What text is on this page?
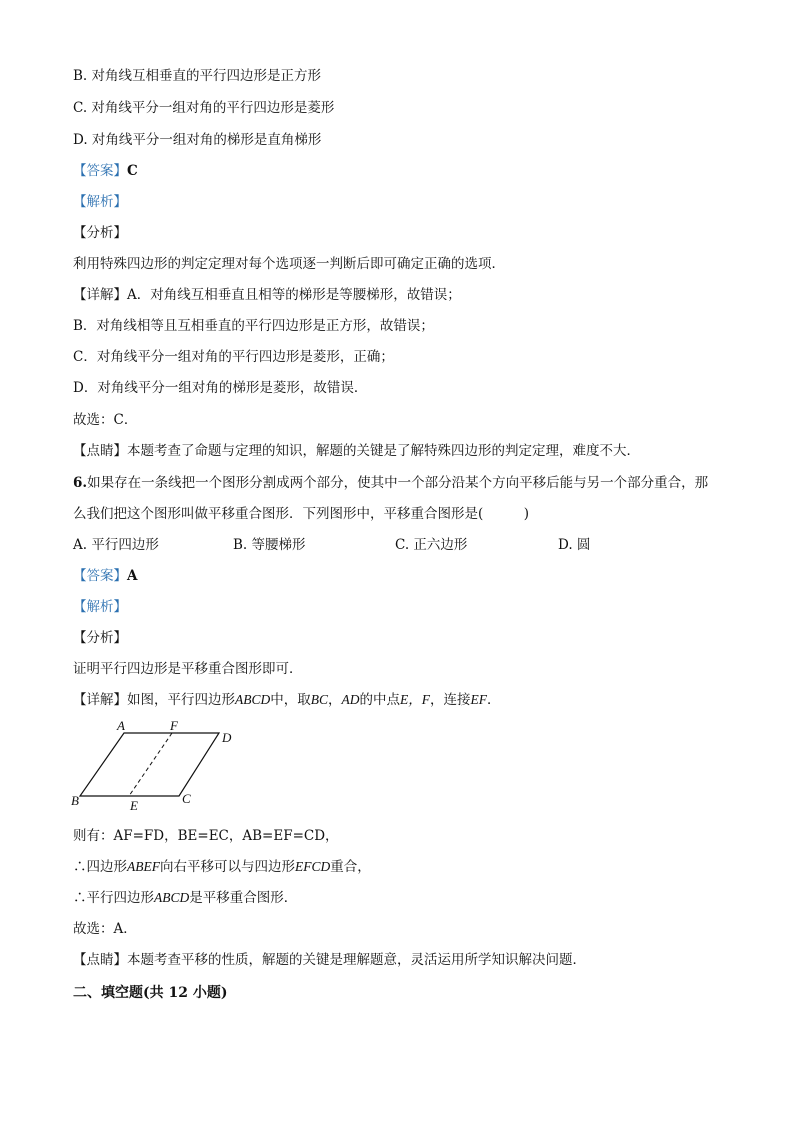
B. 对角线互相垂直的平行四边形是正方形
C. 对角线平分一组对角的平行四边形是菱形
D. 对角线平分一组对角的梯形是直角梯形
【答案】C
【解析】
【分析】
利用特殊四边形的判定定理对每个选项逐一判断后即可确定正确的选项．
【详解】A．对角线互相垂直且相等的梯形是等腰梯形，故错误；
B．对角线相等且互相垂直的平行四边形是正方形，故错误；
C．对角线平分一组对角的平行四边形是菱形，正确；
D．对角线平分一组对角的梯形是菱形，故错误．
故选：C．
【点睛】本题考查了命题与定理的知识，解题的关键是了解特殊四边形的判定定理，难度不大．
6.如果存在一条线把一个图形分割成两个部分，使其中一个部分沿某个方向平移后能与另一个部分重合，那
么我们把这个图形叫做平移重合图形．下列图形中，平移重合图形是(　　　)
A. 平行四边形	B. 等腰梯形	C. 正六边形	D. 圆
【答案】A
【解析】
【分析】
证明平行四边形是平移重合图形即可．
【详解】如图，平行四边形ABCD中，取BC，AD的中点E，F，连接EF．
A	F
D
B	E	C
则有：AF=FD，BE=EC，AB=EF=CD，
∴四边形ABEF向右平移可以与四边形EFCD重合，
∴平行四边形ABCD是平移重合图形．
故选：A．
【点睛】本题考查平移的性质，解题的关键是理解题意，灵活运用所学知识解决问题．
二、填空题(共 12 小题)
